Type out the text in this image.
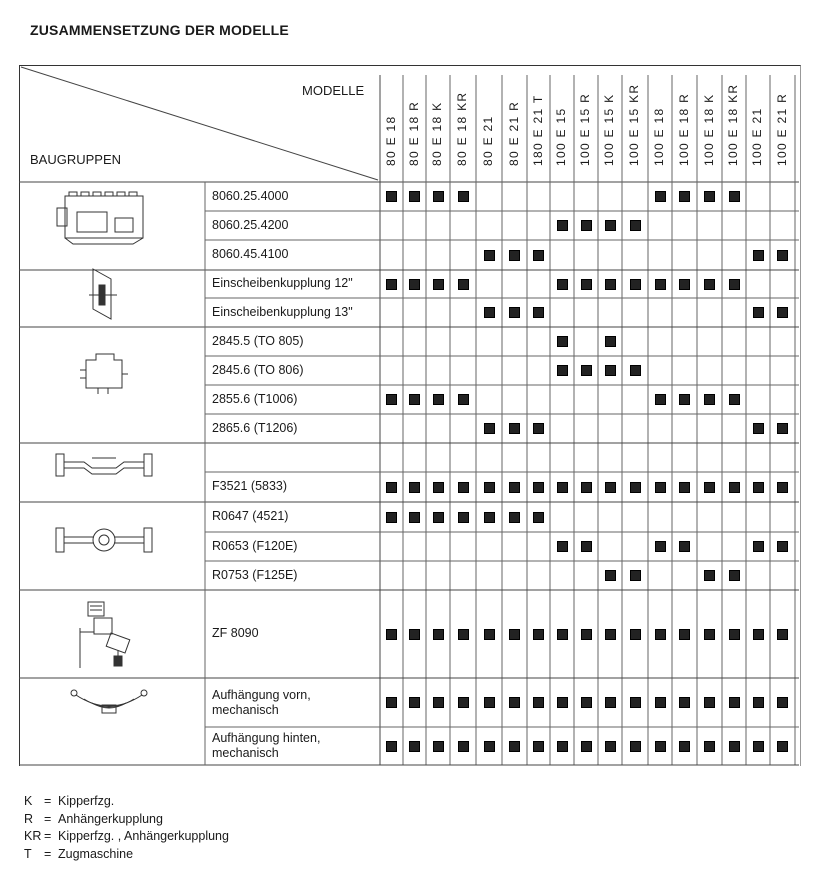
ZUSAMMENSETZUNG DER MODELLE
MODELLE
BAUGRUPPEN	80 E 18 80 E 18 R 80 E 18 K 80 E 18 KR 80 E 21 80 E 21 R 180 E 21 T 100 E 15 100 E 15 R 100 E 15 K 100 E 15 KR 100 E 18 100 E 18 R 100 E 18 K 100 E 18 KR 100 E 21 100 E 21 R
8060.25.4000
8060.25.4200
8060.45.4100
Einscheibenkupplung 12"
Einscheibenkupplung 13"
2845.5 (TO 805)
2845.6 (TO 806)
2855.6 (T1006)
2865.6 (T1206)
F3521 (5833)
R0647 (4521)
R0653 (F120E)
R0753 (F125E)
ZF 8090
Aufhängung vorn, mechanisch
Aufhängung hinten, mechanisch
K = Kipperfzg.
R = Anhängerkupplung
KR = Kipperfzg. , Anhängerkupplung
T = Zugmaschine
